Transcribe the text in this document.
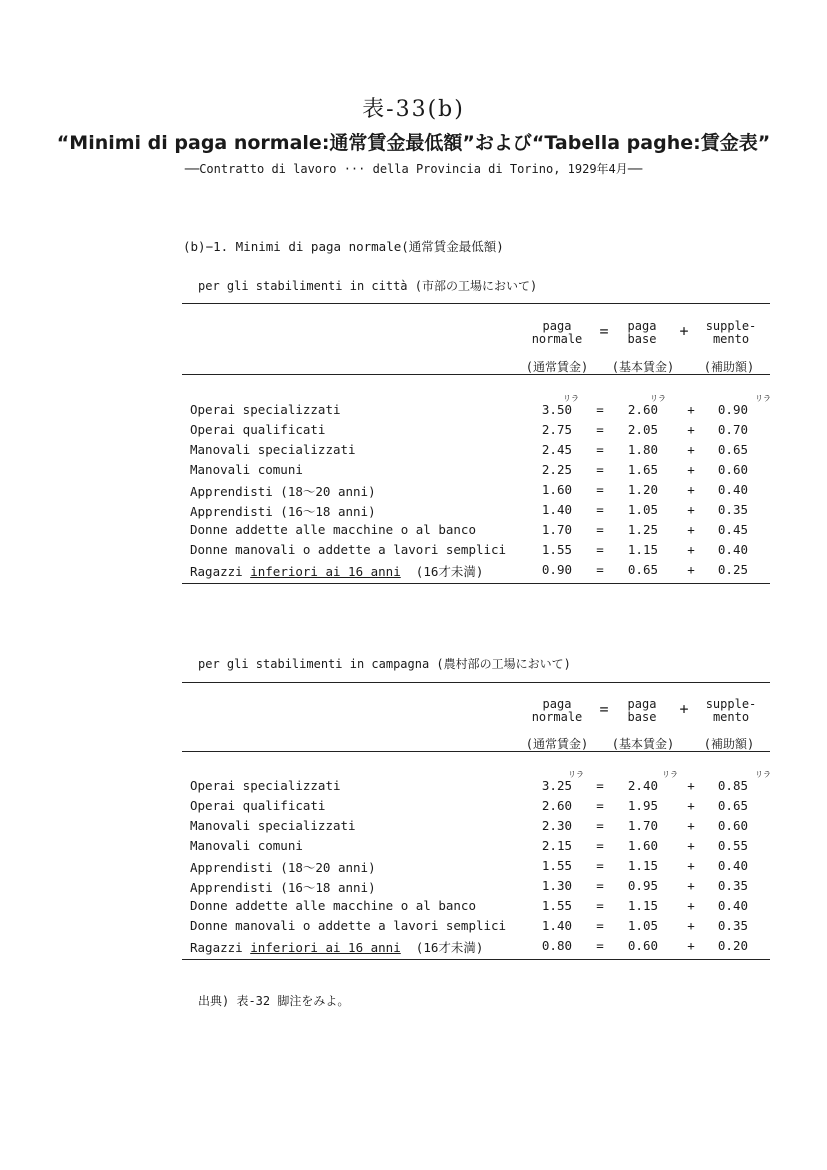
表-33(b)
“Minimi di paga normale:通常賃金最低額”および“Tabella paghe:賃金表”
──Contratto di lavoro ··· della Provincia di Torino, 1929年4月──
(b)−1. Minimi di paga normale(通常賃金最低額)
per gli stabilimenti in città (市部の工場において)
paga
normale	=	paga
base	+	supple-
mento
(通常賃金)	(基本賃金)	(補助額)
リラ	リラ	リラ
Operai specializzati	3.50	=	2.60	+	0.90
Operai qualificati	2.75	=	2.05	+	0.70
Manovali specializzati	2.45	=	1.80	+	0.65
Manovali comuni	2.25	=	1.65	+	0.60
Apprendisti (18〜20 anni)	1.60	=	1.20	+	0.40
Apprendisti (16〜18 anni)	1.40	=	1.05	+	0.35
Donne addette alle macchine o al banco	1.70	=	1.25	+	0.45
Donne manovali o addette a lavori semplici	1.55	=	1.15	+	0.40
Ragazzi inferiori ai 16 anni (16才未満)	0.90	=	0.65	+	0.25
per gli stabilimenti in campagna (農村部の工場において)
paga
normale	=	paga
base	+	supple-
mento
(通常賃金)	(基本賃金)	(補助額)
リラ	リラ	リラ
Operai specializzati	3.25	=	2.40	+	0.85
Operai qualificati	2.60	=	1.95	+	0.65
Manovali specializzati	2.30	=	1.70	+	0.60
Manovali comuni	2.15	=	1.60	+	0.55
Apprendisti (18〜20 anni)	1.55	=	1.15	+	0.40
Apprendisti (16〜18 anni)	1.30	=	0.95	+	0.35
Donne addette alle macchine o al banco	1.55	=	1.15	+	0.40
Donne manovali o addette a lavori semplici	1.40	=	1.05	+	0.35
Ragazzi inferiori ai 16 anni (16才未満)	0.80	=	0.60	+	0.20
出典) 表-32 脚注をみよ。
